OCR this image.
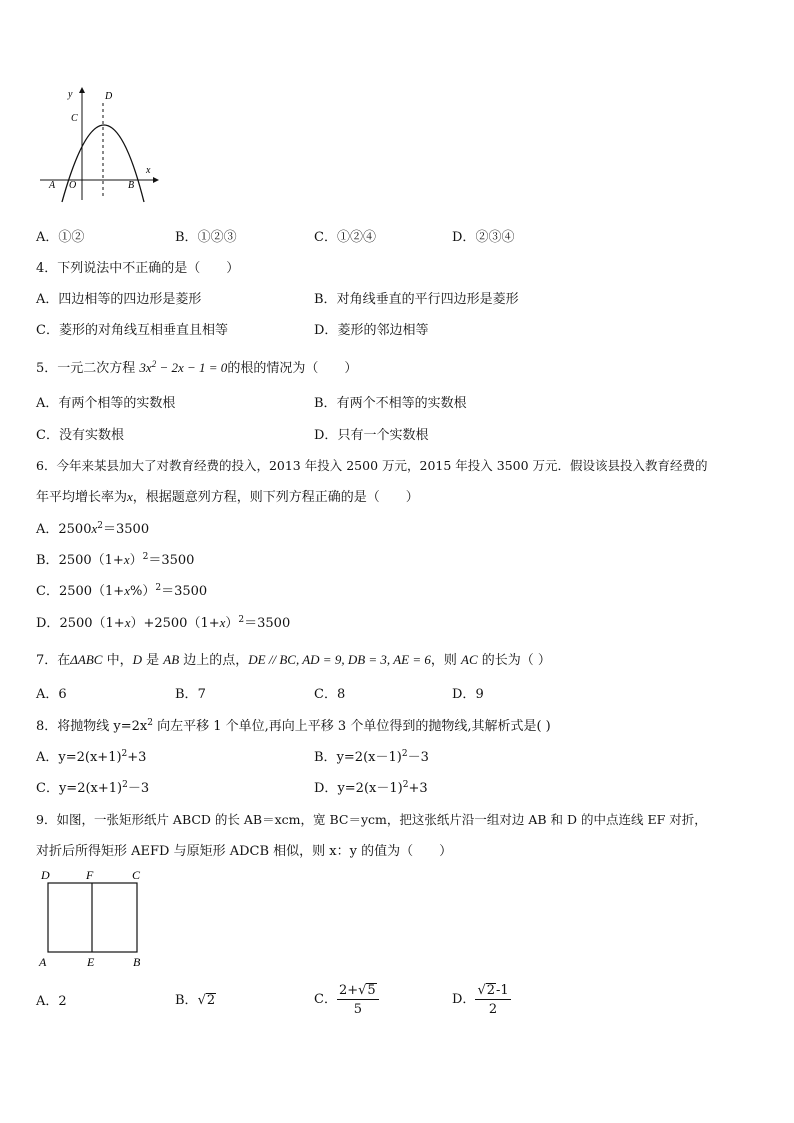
y
x
D
C
A O	B
A．①②	B．①②③	C．①②④	D．②③④
4．下列说法中不正确的是（　　）
A．四边相等的四边形是菱形	B．对角线垂直的平行四边形是菱形
C．菱形的对角线互相垂直且相等	D．菱形的邻边相等
5．一元二次方程 $3x^2 - 2x - 1 = 0$的根的情况为（　　）
A．有两个相等的实数根	B．有两个不相等的实数根
C．没有实数根	D．只有一个实数根
6．今年来某县加大了对教育经费的投入，2013 年投入 2500 万元，2015 年投入 3500 万元．假设该县投入教育经费的
年平均增长率为x，根据题意列方程，则下列方程正确的是（　　）
A．$2500x^2=3500$
B．$2500(1+x)^2=3500$
C．$2500(1+x\%)^2=3500$
D．$2500(1+x)+2500(1+x)^2=3500$
7．在ΔABC 中，D 是 AB 边上的点，DE // BC, AD = 9, DB = 3, AE = 6，则 AC 的长为（ ）
A．6	B．7	C．8	D．9
8．将抛物线 $y=2x^2$ 向左平移 1 个单位,再向上平移 3 个单位得到的抛物线,其解析式是( )
A．$y=2(x+1)^2+3$	B．$y=2(x-1)^2-3$
C．$y=2(x+1)^2-3$	D．$y=2(x-1)^2+3$
9．如图，一张矩形纸片 ABCD 的长 AB＝xcm，宽 BC＝ycm，把这张纸片沿一组对边 AB 和 D 的中点连线 EF 对折，
对折后所得矩形 AEFD 与原矩形 ADCB 相似，则 x：y 的值为（　　）
D	F	C
A	E	B
A．2	B．√2	C． $\frac{2+√5}{5}$	D． $\frac{√2-1}{2}$
